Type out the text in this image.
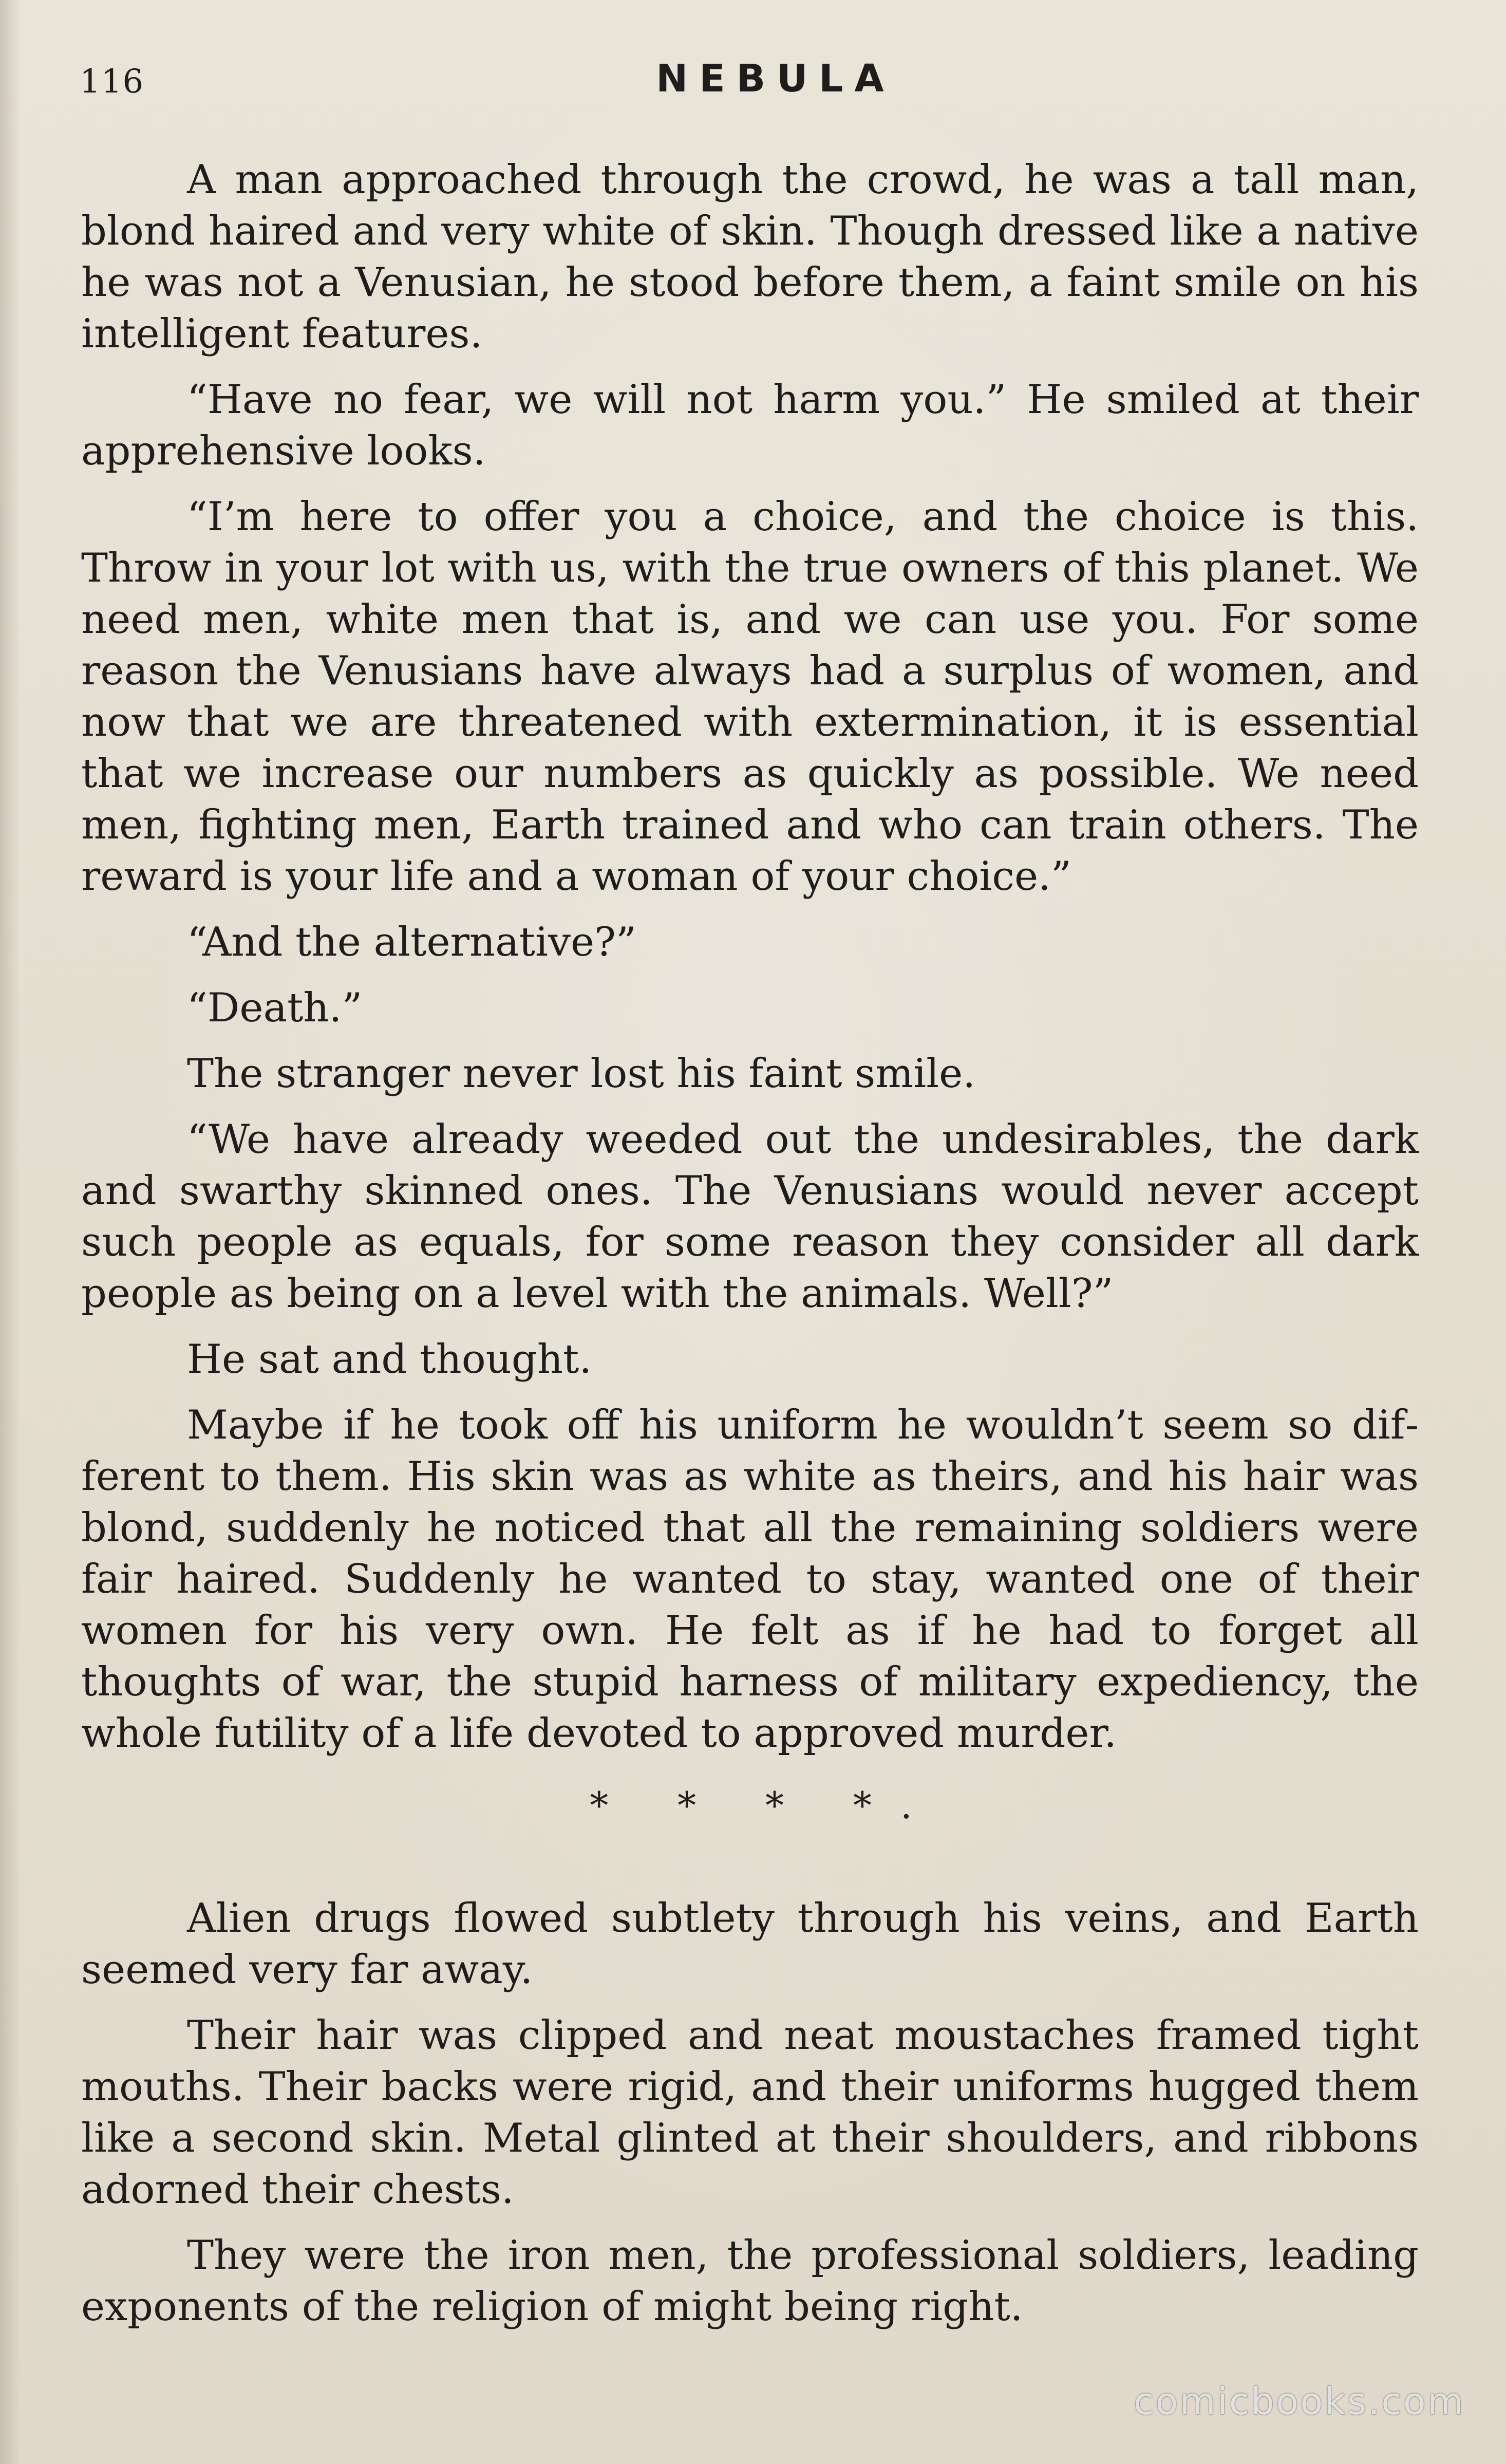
116	NEBULA

A man approached through the crowd, he was a tall man, blond haired and very white of skin. Though dressed like a native he was not a Venusian, he stood before them, a faint smile on his intelligent features.

“Have no fear, we will not harm you.” He smiled at their apprehensive looks.

“I’m here to offer you a choice, and the choice is this. Throw in your lot with us, with the true owners of this planet. We need men, white men that is, and we can use you. For some reason the Venusians have always had a surplus of women, and now that we are threatened with extermination, it is essential that we increase our numbers as quickly as possible. We need men, fighting men, Earth trained and who can train others. The reward is your life and a woman of your choice.”

“And the alternative?”

“Death.”

The stranger never lost his faint smile.

“We have already weeded out the undesirables, the dark and swarthy skinned ones. The Venusians would never accept such people as equals, for some reason they consider all dark people as being on a level with the animals. Well?”

He sat and thought.

Maybe if he took off his uniform he wouldn’t seem so different to them. His skin was as white as theirs, and his hair was blond, suddenly he noticed that all the remaining soldiers were fair haired. Suddenly he wanted to stay, wanted one of their women for his very own. He felt as if he had to forget all thoughts of war, the stupid harness of military expediency, the whole futility of a life devoted to approved murder.

* * * *.

Alien drugs flowed subtlety through his veins, and Earth seemed very far away.

Their hair was clipped and neat moustaches framed tight mouths. Their backs were rigid, and their uniforms hugged them like a second skin. Metal glinted at their shoulders, and ribbons adorned their chests.

They were the iron men, the professional soldiers, leading exponents of the religion of might being right.

comicbooks.com
